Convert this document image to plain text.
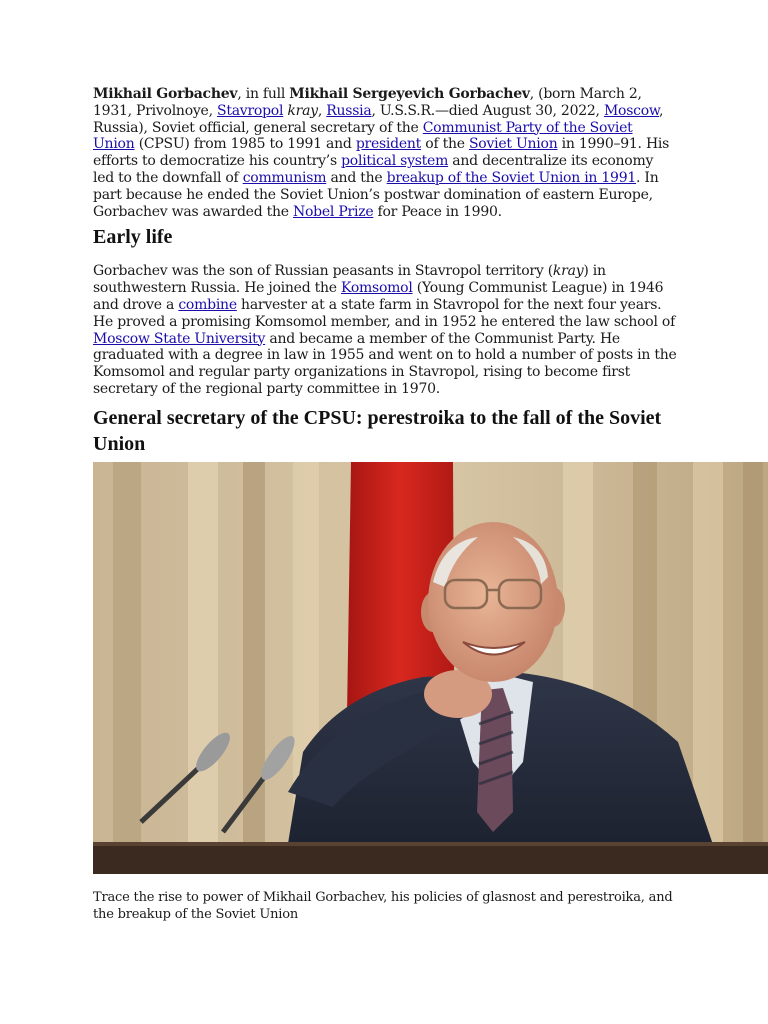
Mikhail Gorbachev, in full Mikhail Sergeyevich Gorbachev, (born March 2, 1931, Privolnoye, Stavropol kray, Russia, U.S.S.R.—died August 30, 2022, Moscow, Russia), Soviet official, general secretary of the Communist Party of the Soviet Union (CPSU) from 1985 to 1991 and president of the Soviet Union in 1990–91. His efforts to democratize his country’s political system and decentralize its economy led to the downfall of communism and the breakup of the Soviet Union in 1991. In part because he ended the Soviet Union’s postwar domination of eastern Europe, Gorbachev was awarded the Nobel Prize for Peace in 1990.

Early life

Gorbachev was the son of Russian peasants in Stavropol territory (kray) in southwestern Russia. He joined the Komsomol (Young Communist League) in 1946 and drove a combine harvester at a state farm in Stavropol for the next four years. He proved a promising Komsomol member, and in 1952 he entered the law school of Moscow State University and became a member of the Communist Party. He graduated with a degree in law in 1955 and went on to hold a number of posts in the Komsomol and regular party organizations in Stavropol, rising to become first secretary of the regional party committee in 1970.

General secretary of the CPSU: perestroika to the fall of the Soviet Union
Trace the rise to power of Mikhail Gorbachev, his policies of glasnost and perestroika, and the breakup of the Soviet Union
